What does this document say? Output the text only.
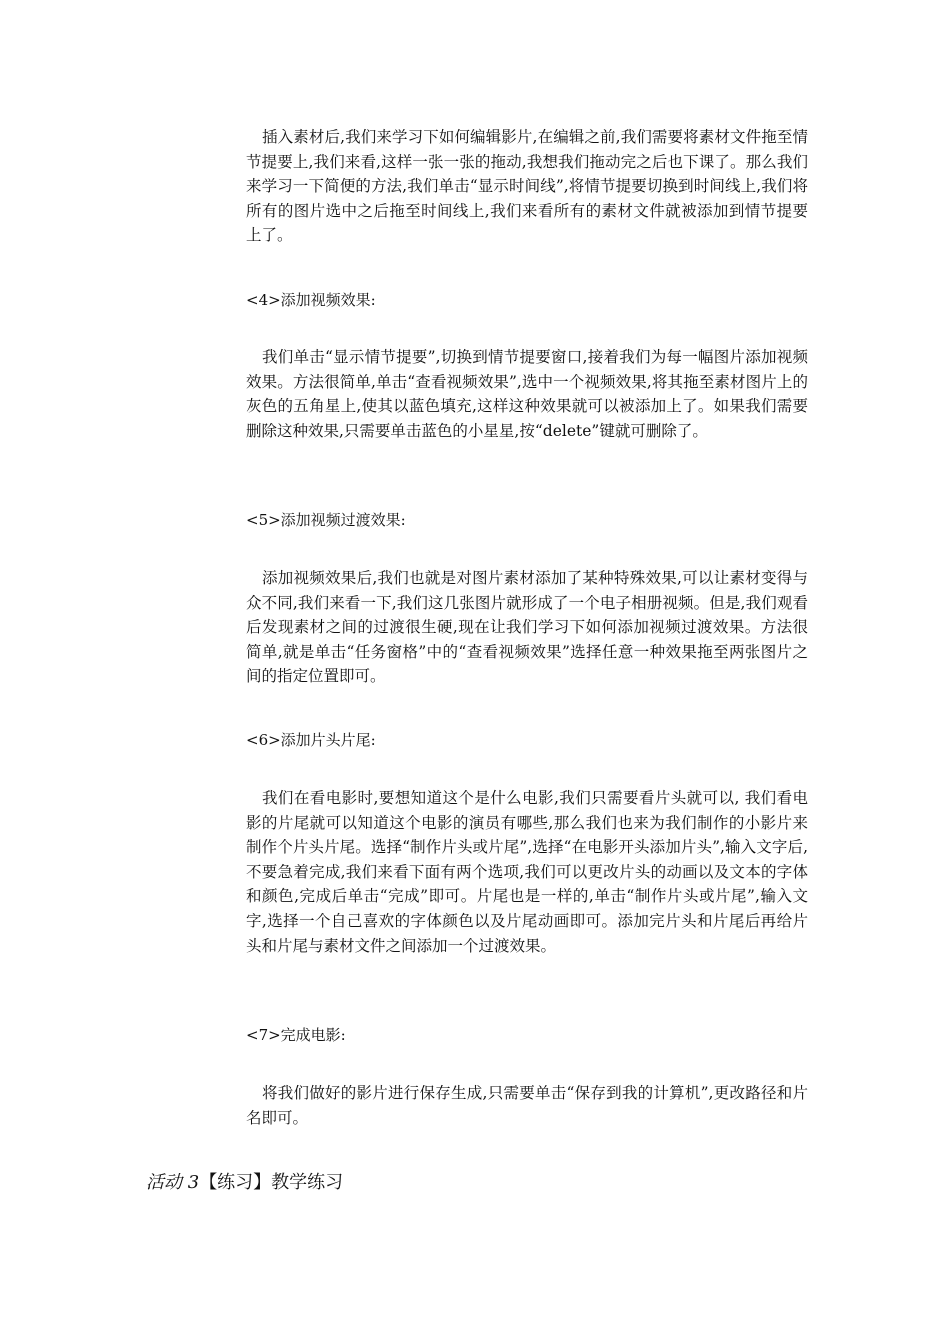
插入素材后,我们来学习下如何编辑影片,在编辑之前,我们需要将素材文件拖至情节提要上,我们来看,这样一张一张的拖动,我想我们拖动完之后也下课了。那么我们来学习一下简便的方法,我们单击“显示时间线”,将情节提要切换到时间线上,我们将所有的图片选中之后拖至时间线上,我们来看所有的素材文件就被添加到情节提要上了。

<4>添加视频效果:

我们单击“显示情节提要”,切换到情节提要窗口,接着我们为每一幅图片添加视频效果。方法很简单,单击“查看视频效果”,选中一个视频效果,将其拖至素材图片上的灰色的五角星上,使其以蓝色填充,这样这种效果就可以被添加上了。如果我们需要删除这种效果,只需要单击蓝色的小星星,按“delete”键就可删除了。

<5>添加视频过渡效果:

添加视频效果后,我们也就是对图片素材添加了某种特殊效果,可以让素材变得与众不同,我们来看一下,我们这几张图片就形成了一个电子相册视频。但是,我们观看后发现素材之间的过渡很生硬,现在让我们学习下如何添加视频过渡效果。方法很简单,就是单击“任务窗格”中的“查看视频效果”选择任意一种效果拖至两张图片之间的指定位置即可。

<6>添加片头片尾:

我们在看电影时,要想知道这个是什么电影,我们只需要看片头就可以, 我们看电影的片尾就可以知道这个电影的演员有哪些,那么我们也来为我们制作的小影片来制作个片头片尾。选择“制作片头或片尾”,选择“在电影开头添加片头”,输入文字后,不要急着完成,我们来看下面有两个选项,我们可以更改片头的动画以及文本的字体和颜色,完成后单击“完成”即可。片尾也是一样的,单击“制作片头或片尾”,输入文字,选择一个自己喜欢的字体颜色以及片尾动画即可。添加完片头和片尾后再给片头和片尾与素材文件之间添加一个过渡效果。

<7>完成电影:

将我们做好的影片进行保存生成,只需要单击“保存到我的计算机”,更改路径和片名即可。

活动 3【练习】教学练习
